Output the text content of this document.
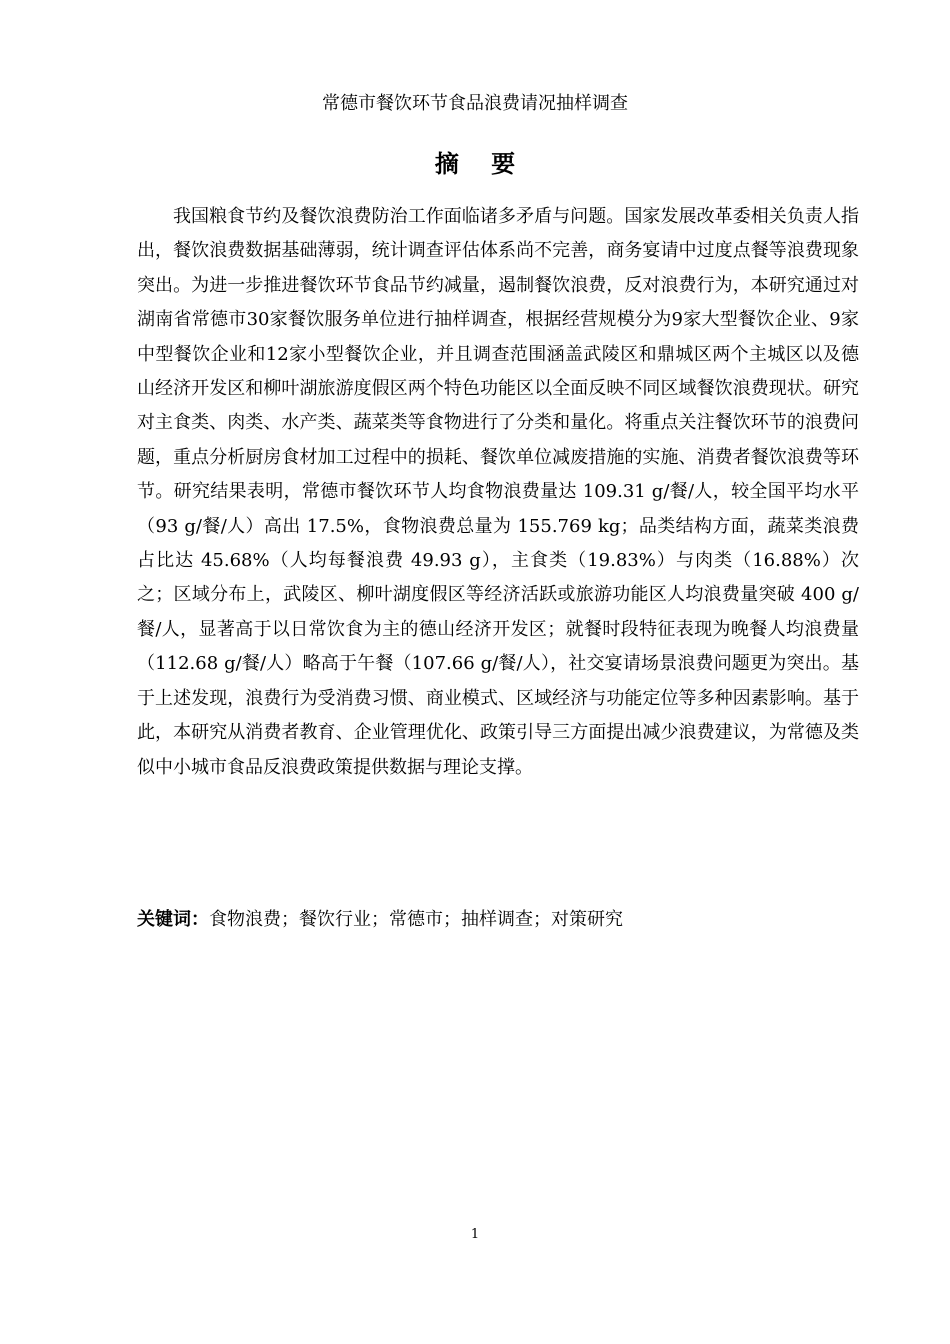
常德市餐饮环节食品浪费请况抽样调查
摘 要

我国粮食节约及餐饮浪费防治工作面临诸多矛盾与问题。国家发展改革委相关负责人指出，餐饮浪费数据基础薄弱，统计调查评估体系尚不完善，商务宴请中过度点餐等浪费现象突出。为进一步推进餐饮环节食品节约减量，遏制餐饮浪费，反对浪费行为，本研究通过对湖南省常德市30家餐饮服务单位进行抽样调查，根据经营规模分为9家大型餐饮企业、9家中型餐饮企业和12家小型餐饮企业，并且调查范围涵盖武陵区和鼎城区两个主城区以及德山经济开发区和柳叶湖旅游度假区两个特色功能区以全面反映不同区域餐饮浪费现状。研究对主食类、肉类、水产类、蔬菜类等食物进行了分类和量化。将重点关注餐饮环节的浪费问题，重点分析厨房食材加工过程中的损耗、餐饮单位减废措施的实施、消费者餐饮浪费等环节。研究结果表明，常德市餐饮环节人均食物浪费量达 109.31 g/餐/人，较全国平均水平（93 g/餐/人）高出 17.5%，食物浪费总量为 155.769 kg；品类结构方面，蔬菜类浪费占比达 45.68%（人均每餐浪费 49.93 g），主食类（19.83%）与肉类（16.88%）次之；区域分布上，武陵区、柳叶湖度假区等经济活跃或旅游功能区人均浪费量突破 400 g/餐/人，显著高于以日常饮食为主的德山经济开发区；就餐时段特征表现为晚餐人均浪费量（112.68 g/餐/人）略高于午餐（107.66 g/餐/人），社交宴请场景浪费问题更为突出。基于上述发现，浪费行为受消费习惯、商业模式、区域经济与功能定位等多种因素影响。基于此，本研究从消费者教育、企业管理优化、政策引导三方面提出减少浪费建议，为常德及类似中小城市食品反浪费政策提供数据与理论支撑。

关键词：食物浪费；餐饮行业；常德市；抽样调查；对策研究
1
